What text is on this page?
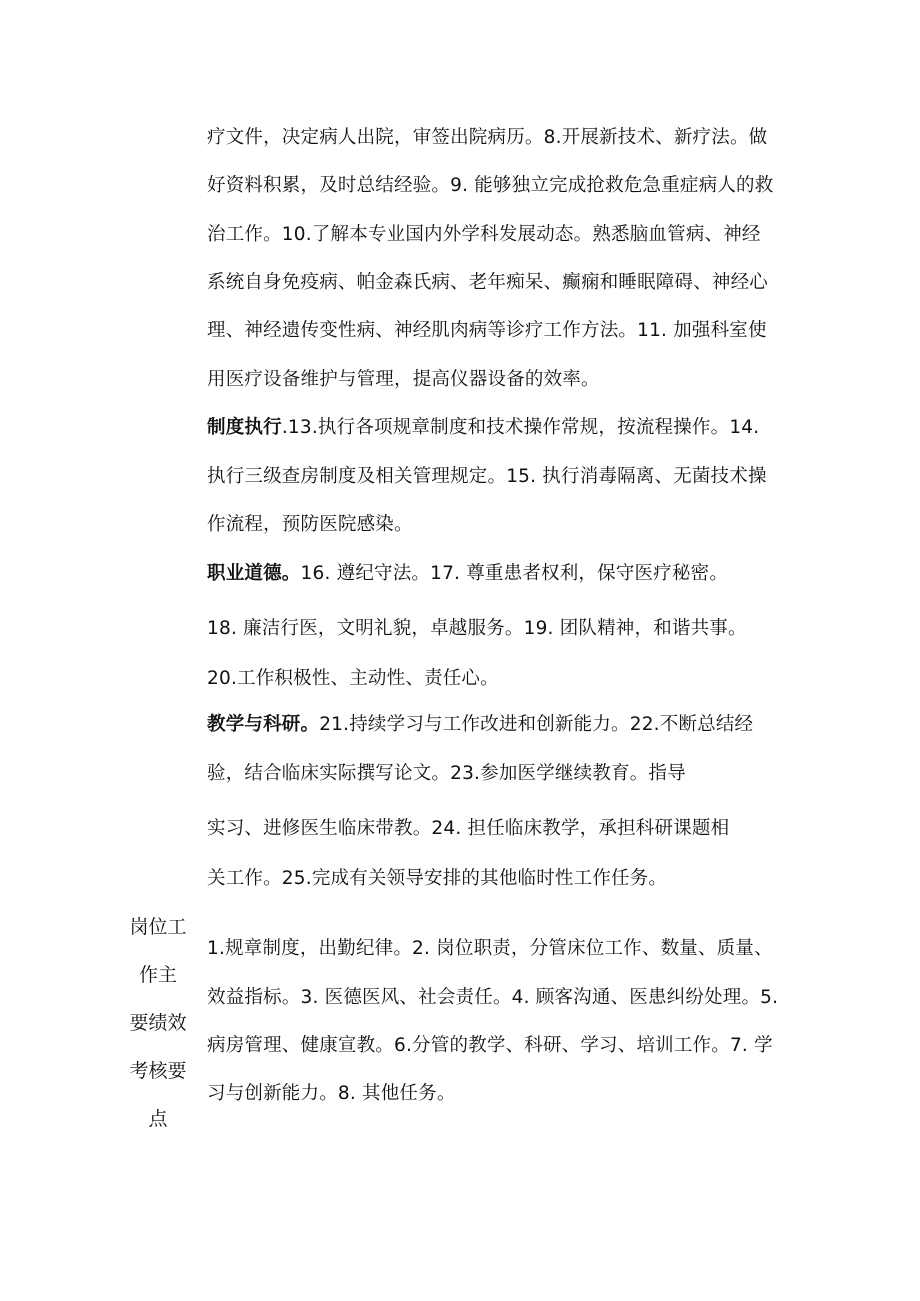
疗文件，决定病人出院，审签出院病历。8.开展新技术、新疗法。做
好资料积累，及时总结经验。9. 能够独立完成抢救危急重症病人的救
治工作。10.了解本专业国内外学科发展动态。熟悉脑血管病、神经
系统自身免疫病、帕金森氏病、老年痴呆、癫痫和睡眠障碍、神经心
理、神经遗传变性病、神经肌肉病等诊疗工作方法。11. 加强科室使
用医疗设备维护与管理，提高仪器设备的效率。
制度执行.13.执行各项规章制度和技术操作常规，按流程操作。14.
执行三级查房制度及相关管理规定。15. 执行消毒隔离、无菌技术操
作流程，预防医院感染。
职业道德。16. 遵纪守法。17. 尊重患者权利，保守医疗秘密。
18. 廉洁行医，文明礼貌，卓越服务。19. 团队精神，和谐共事。
20.工作积极性、主动性、责任心。
教学与科研。21.持续学习与工作改进和创新能力。22.不断总结经
验，结合临床实际撰写论文。23.参加医学继续教育。指导
实习、进修医生临床带教。24. 担任临床教学，承担科研课题相
关工作。25.完成有关领导安排的其他临时性工作任务。
岗位工
作主
要绩效
考核要
点
1.规章制度，出勤纪律。2. 岗位职责，分管床位工作、数量、质量、
效益指标。3. 医德医风、社会责任。4. 顾客沟通、医患纠纷处理。5.
病房管理、健康宣教。6.分管的教学、科研、学习、培训工作。7. 学
习与创新能力。8. 其他任务。
